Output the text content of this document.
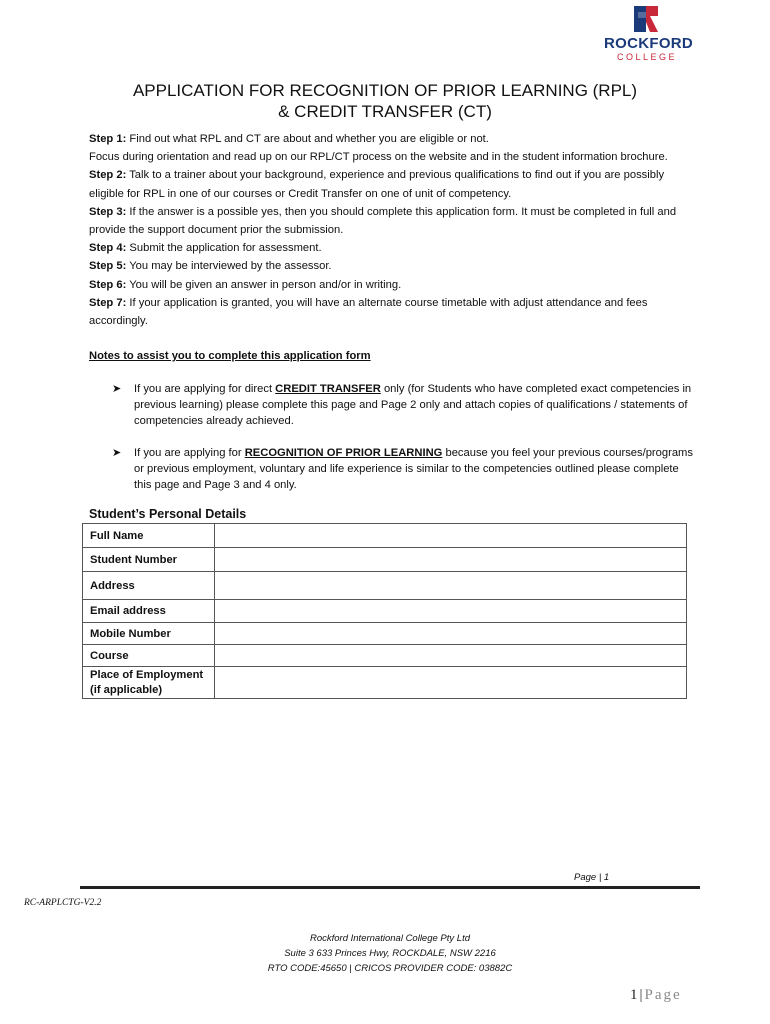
ROCKFORD
COLLEGE
APPLICATION FOR RECOGNITION OF PRIOR LEARNING (RPL)
& CREDIT TRANSFER (CT)

Step 1: Find out what RPL and CT are about and whether you are eligible or not.

Focus during orientation and read up on our RPL/CT process on the website and in the student information brochure.

Step 2: Talk to a trainer about your background, experience and previous qualifications to find out if you are possibly eligible for RPL in one of our courses or Credit Transfer on one of unit of competency.

Step 3: If the answer is a possible yes, then you should complete this application form. It must be completed in full and provide the support document prior the submission.

Step 4: Submit the application for assessment.

Step 5: You may be interviewed by the assessor.

Step 6: You will be given an answer in person and/or in writing.

Step 7: If your application is granted, you will have an alternate course timetable with adjust attendance and fees accordingly.

Notes to assist you to complete this application form
➤ If you are applying for direct CREDIT TRANSFER only (for Students who have completed exact competencies in previous learning) please complete this page and Page 2 only and attach copies of qualifications / statements of competencies already achieved.
➤ If you are applying for RECOGNITION OF PRIOR LEARNING because you feel your previous courses/programs or previous employment, voluntary and life experience is similar to the competencies outlined please complete this page and Page 3 and 4 only.
Student’s Personal Details
Full Name	
Student Number	
Address	
Email address	
Mobile Number	
Course	
Place of Employment (if applicable)	
Page | 1
RC-ARPLCTG-V2.2
Rockford International College Pty Ltd
Suite 3 633 Princes Hwy, ROCKDALE, NSW 2216
RTO CODE:45650 | CRICOS PROVIDER CODE: 03882C
1 | Page
